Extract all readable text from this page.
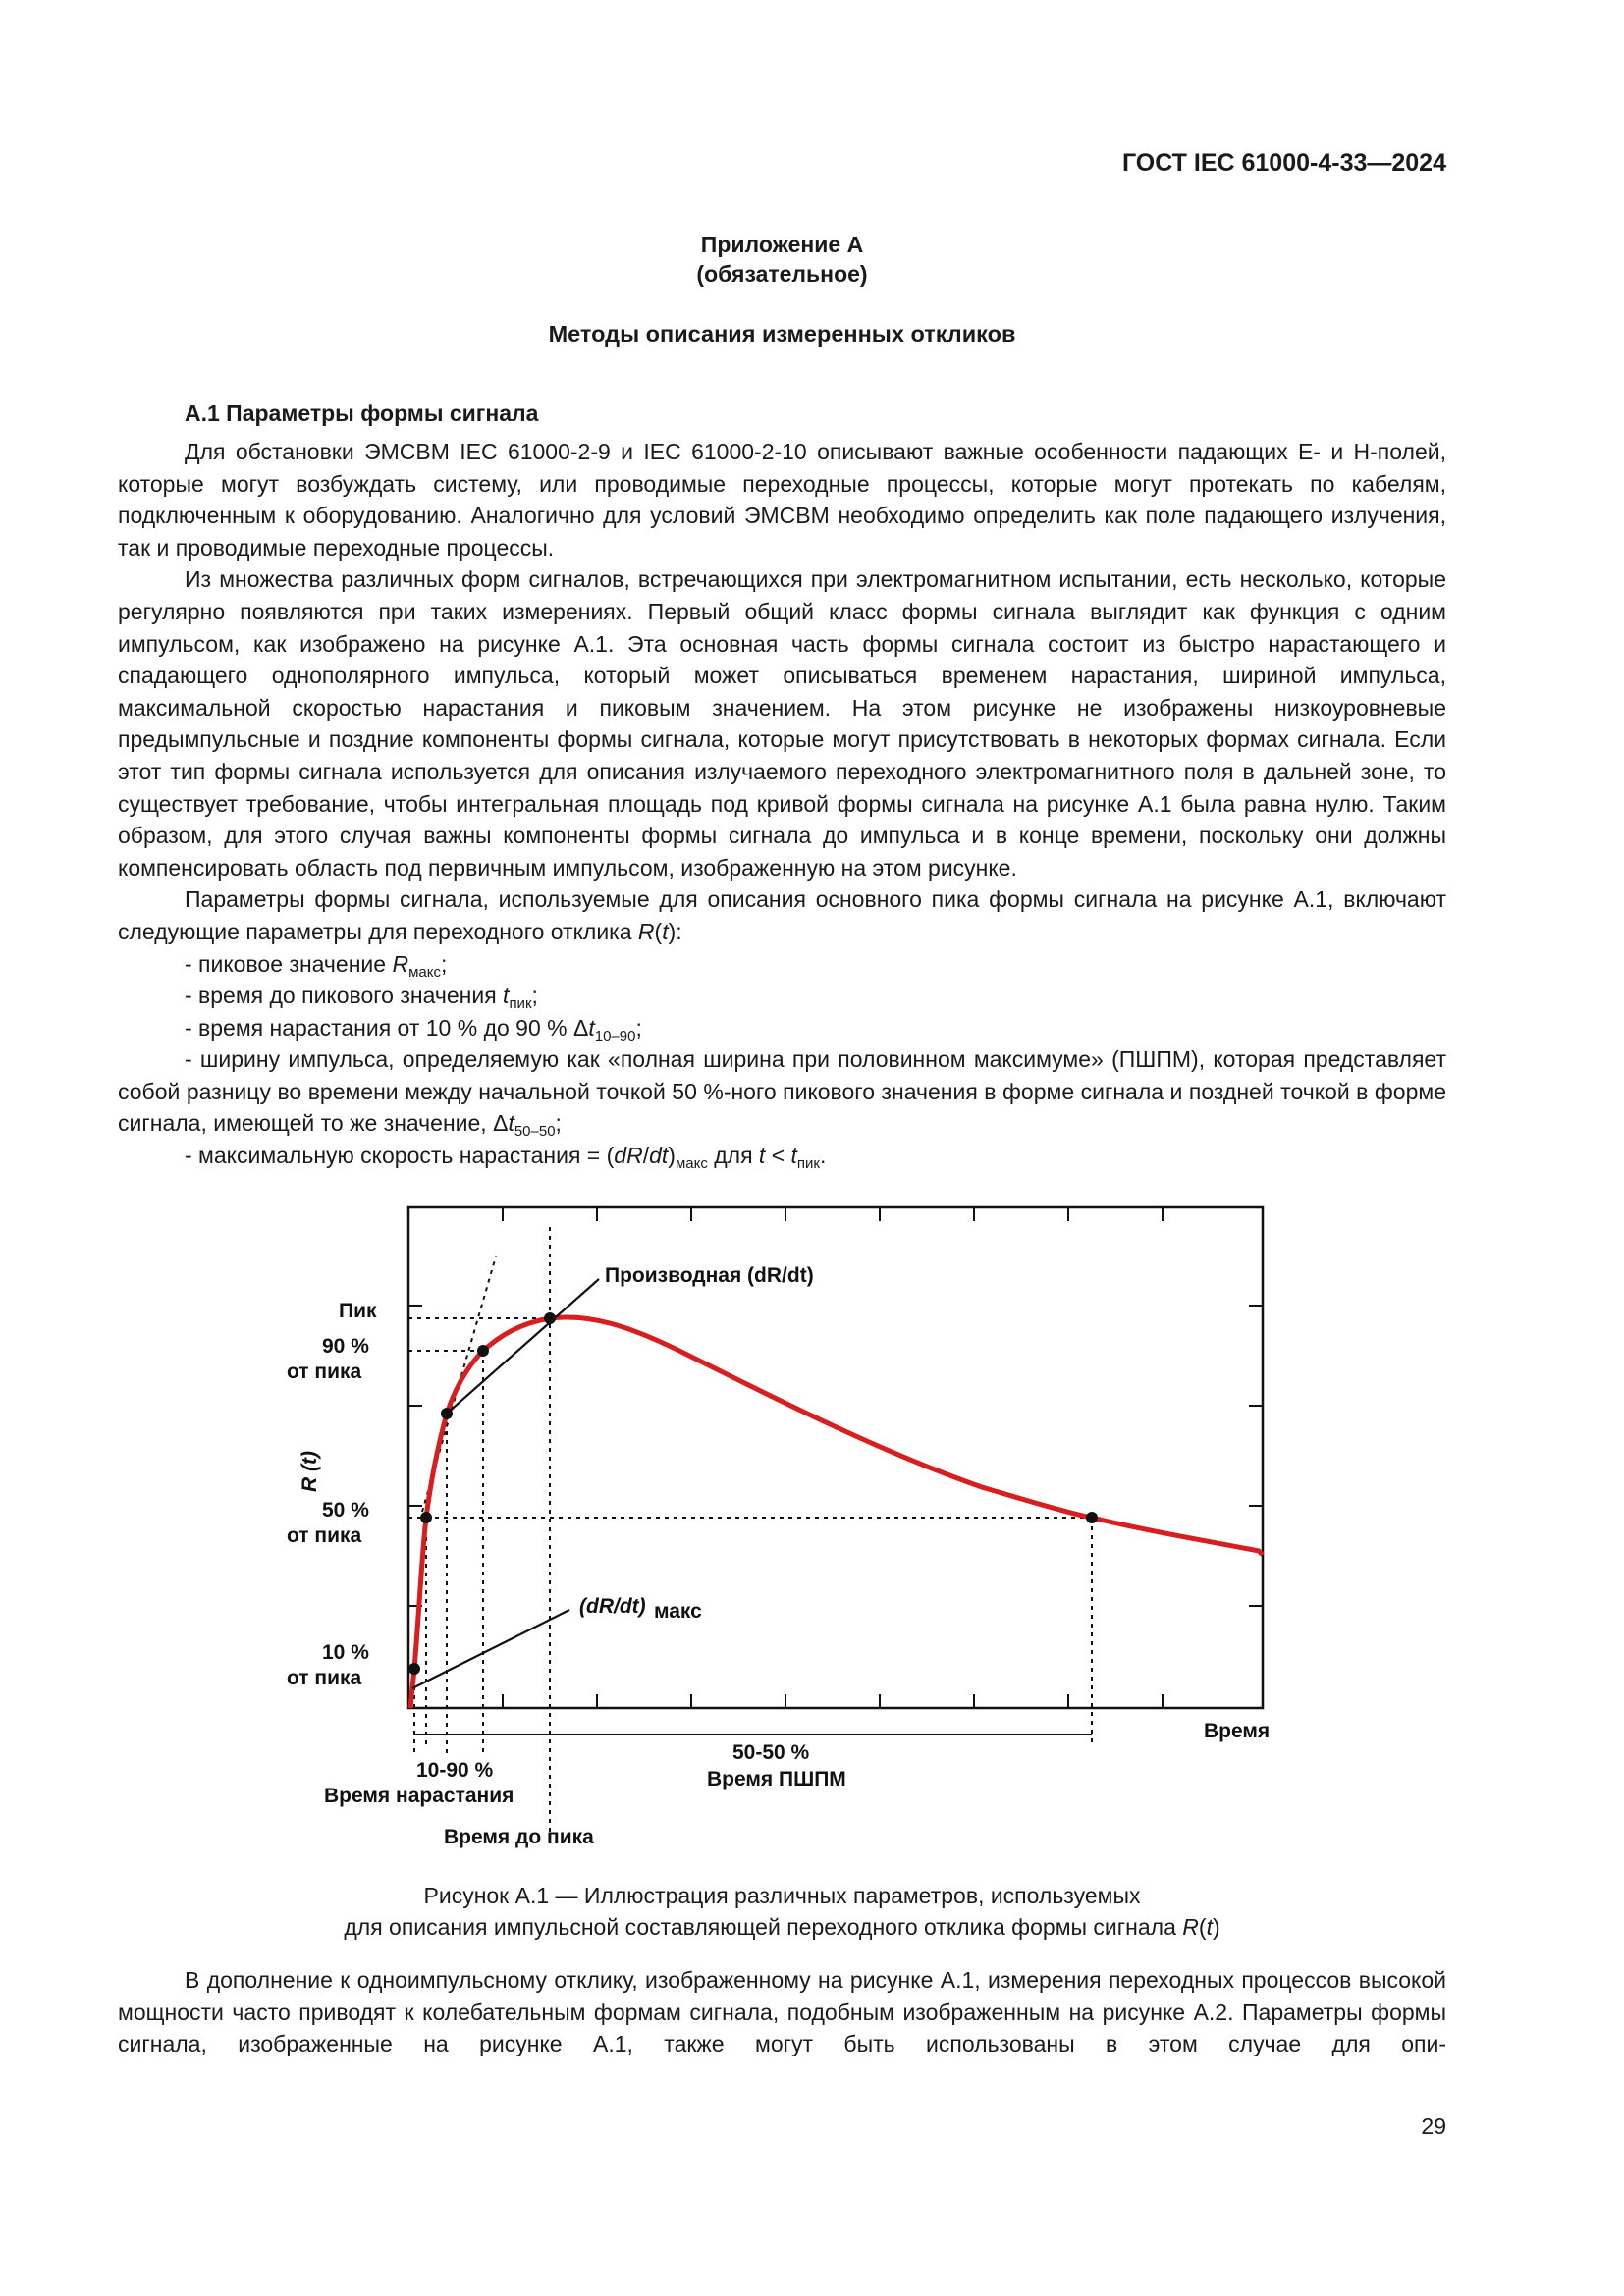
ГОСТ IEC 61000-4-33—2024
Приложение А
(обязательное)
Методы описания измеренных откликов
А.1 Параметры формы сигнала

Для обстановки ЭМСВМ IEC 61000-2-9 и IEC 61000-2-10 описывают важные особенности падающих Е- и Н-полей, которые могут возбуждать систему, или проводимые переходные процессы, которые могут протекать по кабелям, подключенным к оборудованию. Аналогично для условий ЭМСВМ необходимо определить как поле падающего излучения, так и проводимые переходные процессы.

Из множества различных форм сигналов, встречающихся при электромагнитном испытании, есть несколько, которые регулярно появляются при таких измерениях. Первый общий класс формы сигнала выглядит как функция с одним импульсом, как изображено на рисунке А.1. Эта основная часть формы сигнала состоит из быстро нарастающего и спадающего однополярного импульса, который может описываться временем нарастания, шириной импульса, максимальной скоростью нарастания и пиковым значением. На этом рисунке не изображены низкоуровневые предымпульсные и поздние компоненты формы сигнала, которые могут присутствовать в некоторых формах сигнала. Если этот тип формы сигнала используется для описания излучаемого переходного электромагнитного поля в дальней зоне, то существует требование, чтобы интегральная площадь под кривой формы сигнала на рисунке А.1 была равна нулю. Таким образом, для этого случая важны компоненты формы сигнала до импульса и в конце времени, поскольку они должны компенсировать область под первичным импульсом, изображенную на этом рисунке.

Параметры формы сигнала, используемые для описания основного пика формы сигнала на рисунке А.1, включают следующие параметры для переходного отклика R(t):

- пиковое значение $R_{макс}$;

- время до пикового значения $t_{пик}$;

- время нарастания от 10 % до 90 % $\Delta t_{10-90}$;

- ширину импульса, определяемую как «полная ширина при половинном максимуме» (ПШПМ), которая представляет собой разницу во времени между начальной точкой 50 %-ного пикового значения в форме сигнала и поздней точкой в форме сигнала, имеющей то же значение, $\Delta t_{50-50}$;

- максимальную скорость нарастания = $(dR/dt)_{макс}$ для $t < t_{пик}$.

Пик
90 %
от пика
50 %
от пика
10 %
от пика
R (t)
Производная (dR/dt)
(dR/dt) макс
Время
10-90 %
Время нарастания
50-50 %
Время ПШПМ
Время до пика
Рисунок А.1 — Иллюстрация различных параметров, используемых
для описания импульсной составляющей переходного отклика формы сигнала R(t)

В дополнение к одноимпульсному отклику, изображенному на рисунке А.1, измерения переходных процессов высокой мощности часто приводят к колебательным формам сигнала, подобным изображенным на рисунке А.2. Параметры формы сигнала, изображенные на рисунке А.1, также могут быть использованы в этом случае для опи-

29
